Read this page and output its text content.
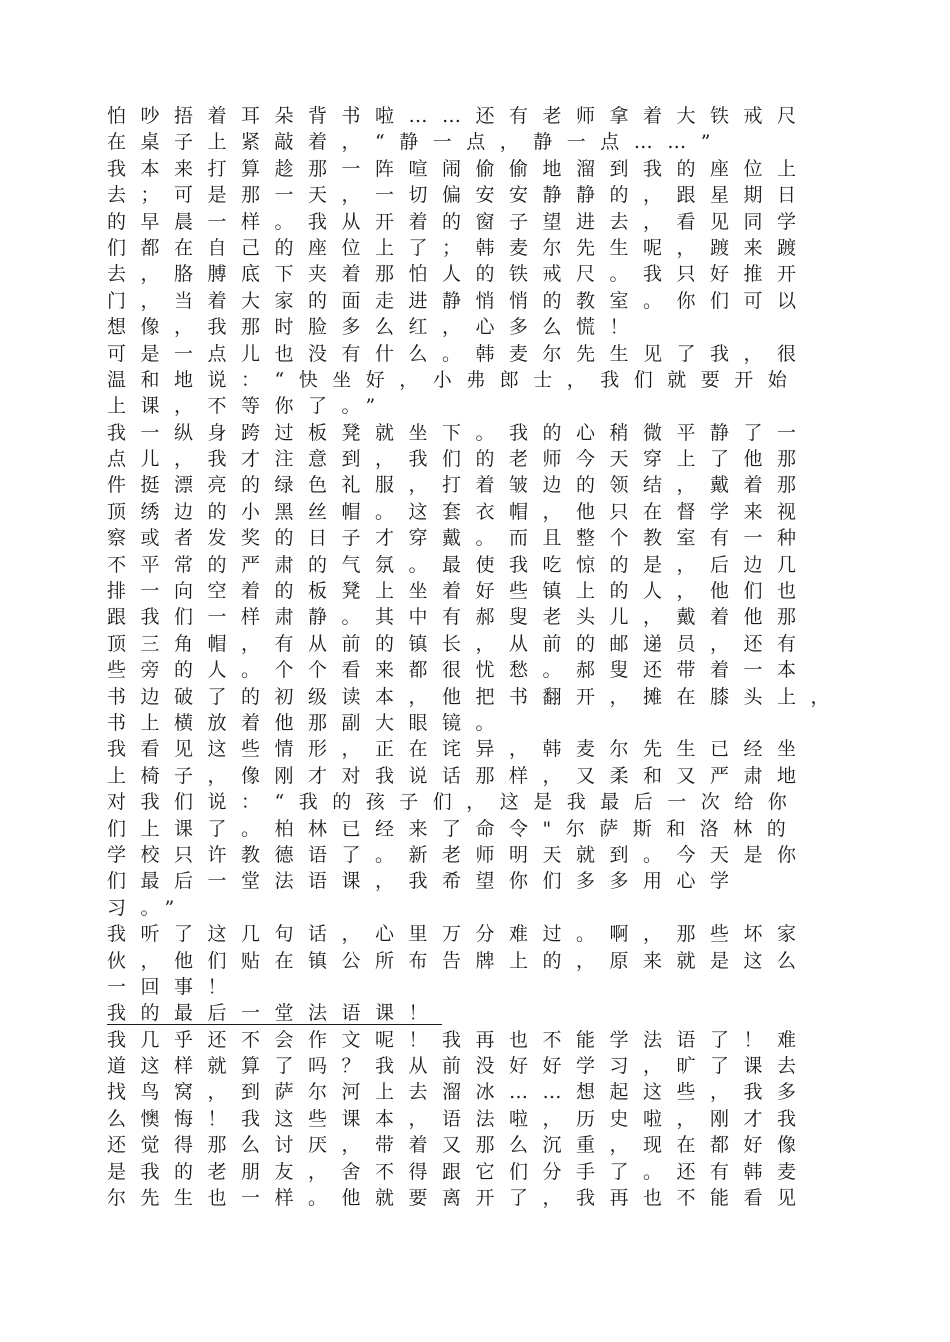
怕吵捂着耳朵背书啦……还有老师拿着大铁戒尺
在桌子上紧敲着，“静一点，静一点……”
我本来打算趁那一阵喧闹偷偷地溜到我的座位上
去；可是那一天，一切偏安安静静的，跟星期日
的早晨一样。我从开着的窗子望进去，看见同学
们都在自己的座位上了；韩麦尔先生呢，踱来踱
去，胳膊底下夹着那怕人的铁戒尺。我只好推开
门，当着大家的面走进静悄悄的教室。你们可以
想像，我那时脸多么红，心多么慌！
可是一点儿也没有什么。韩麦尔先生见了我，很
温和地说：“快坐好，小弗郎士，我们就要开始
上课，不等你了。”
我一纵身跨过板凳就坐下。我的心稍微平静了一
点儿，我才注意到，我们的老师今天穿上了他那
件挺漂亮的绿色礼服，打着皱边的领结，戴着那
顶绣边的小黑丝帽。这套衣帽，他只在督学来视
察或者发奖的日子才穿戴。而且整个教室有一种
不平常的严肃的气氛。最使我吃惊的是，后边几
排一向空着的板凳上坐着好些镇上的人，他们也
跟我们一样肃静。其中有郝叟老头儿，戴着他那
顶三角帽，有从前的镇长，从前的邮递员，还有
些旁的人。个个看来都很忧愁。郝叟还带着一本
书边破了的初级读本，他把书翻开，摊在膝头上，
书上横放着他那副大眼镜。
我看见这些情形，正在诧异，韩麦尔先生已经坐
上椅子，像刚才对我说话那样，又柔和又严肃地
对我们说：“我的孩子们，这是我最后一次给你
们上课了。柏林已经来了命令"尔萨斯和洛林的
学校只许教德语了。新老师明天就到。今天是你
们最后一堂法语课，我希望你们多多用心学
习。”
我听了这几句话，心里万分难过。啊，那些坏家
伙，他们贴在镇公所布告牌上的，原来就是这么
一回事！
我的最后一堂法语课！
我几乎还不会作文呢！我再也不能学法语了！难
道这样就算了吗？我从前没好好学习，旷了课去
找鸟窝，到萨尔河上去溜冰……想起这些，我多
么懊悔！我这些课本，语法啦，历史啦，刚才我
还觉得那么讨厌，带着又那么沉重，现在都好像
是我的老朋友，舍不得跟它们分手了。还有韩麦
尔先生也一样。他就要离开了，我再也不能看见
